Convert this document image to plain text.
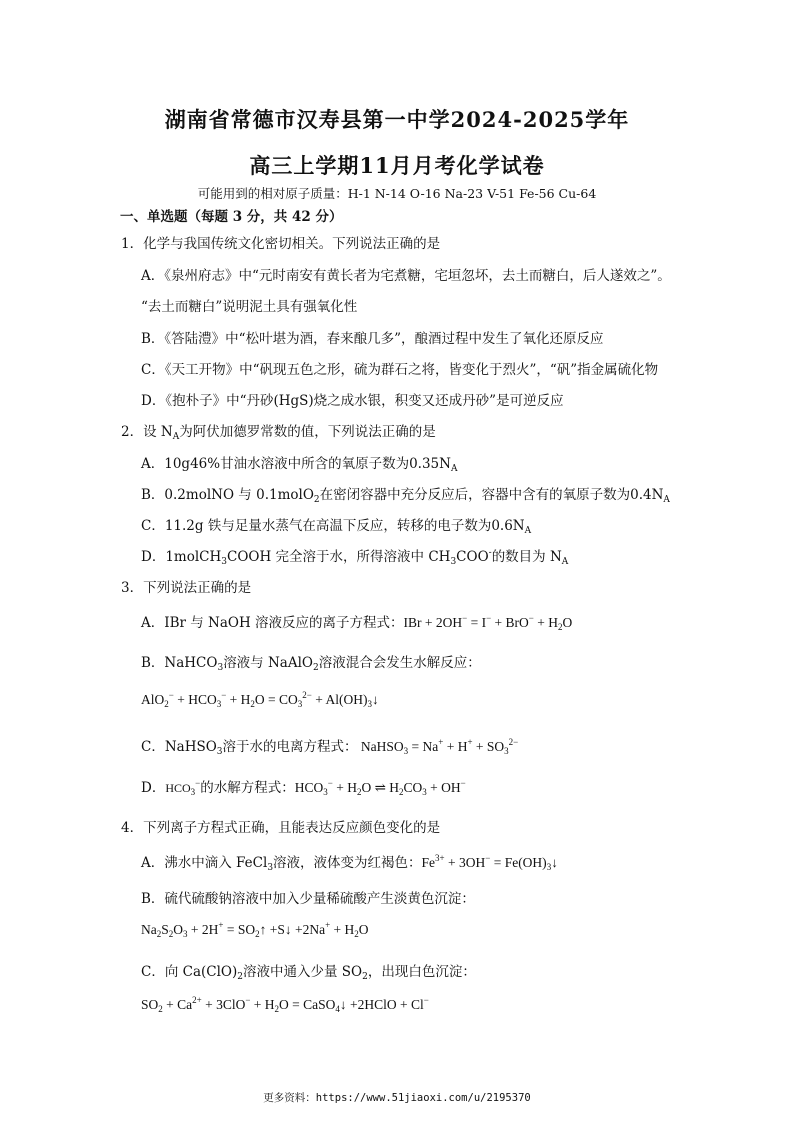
湖南省常德市汉寿县第一中学2024-2025学年
高三上学期11月月考化学试卷
可能用到的相对原子质量：H-1 N-14 O-16 Na-23 V-51 Fe-56 Cu-64
一、单选题（每题 3 分，共 42 分）
1．化学与我国传统文化密切相关。下列说法正确的是
A．《泉州府志》中“元时南安有黄长者为宅煮糖，宅垣忽坏，去土而糖白，后人遂效之”。
“去土而糖白”说明泥土具有强氧化性
B．《答陆澧》中“松叶堪为酒，春来酿几多”，酿酒过程中发生了氧化还原反应
C．《天工开物》中“矾现五色之形，硫为群石之将，皆变化于烈火”，“矾”指金属硫化物
D．《抱朴子》中“丹砂(HgS)烧之成水银，积变又还成丹砂”是可逆反应
2．设 $N_A$为阿伏加德罗常数的值，下列说法正确的是
A．10g46%甘油水溶液中所含的氧原子数为$0.35N_A$
B．0.2molNO 与 0.1molO$_2$在密闭容器中充分反应后，容器中含有的氧原子数为$0.4N_A$
C．11.2g 铁与足量水蒸气在高温下反应，转移的电子数为$0.6N_A$
D．1molCH$_3$COOH 完全溶于水，所得溶液中 $CH_3COO^-$的数目为 $N_A$
3．下列说法正确的是
A．IBr 与 NaOH 溶液反应的离子方程式：IBr + $2OH^- = I^- + BrO^- + H_2O$
B．NaHCO$_3$溶液与 NaAlO$_2$溶液混合会发生水解反应：
$AlO_2^- + HCO_3^- + H_2O = CO_3^{2-}$ + $Al(OH)_3↓$
C．NaHSO$_3$溶于水的电离方程式： NaHSO$_3$ = $Na^+ + H^+ + SO_3^{2-}$
D．$HCO_3^-$的水解方程式：$HCO_3^- + H_2O$ ⇌ $H_2CO_3 + OH^-$
4．下列离子方程式正确，且能表达反应颜色变化的是
A．沸水中滴入 FeCl$_3$溶液，液体变为红褐色：$Fe^{3+} + 3OH^-$ = $Fe(OH)_3↓$
B．硫代硫酸钠溶液中加入少量稀硫酸产生淡黄色沉淀：
$Na_2S_2O_3 + 2H^+$ = $SO_2↑$ +S↓ $+2Na^+ + H_2O$
C．向 $Ca(ClO)_2$溶液中通入少量 $SO_2$，出现白色沉淀：
$SO_2 + Ca^{2+} + 3ClO^- + H_2O$ = CaSO$_4$↓ +2HClO + Cl−
更多资料：https://www.51jiaoxi.com/u/2195370
